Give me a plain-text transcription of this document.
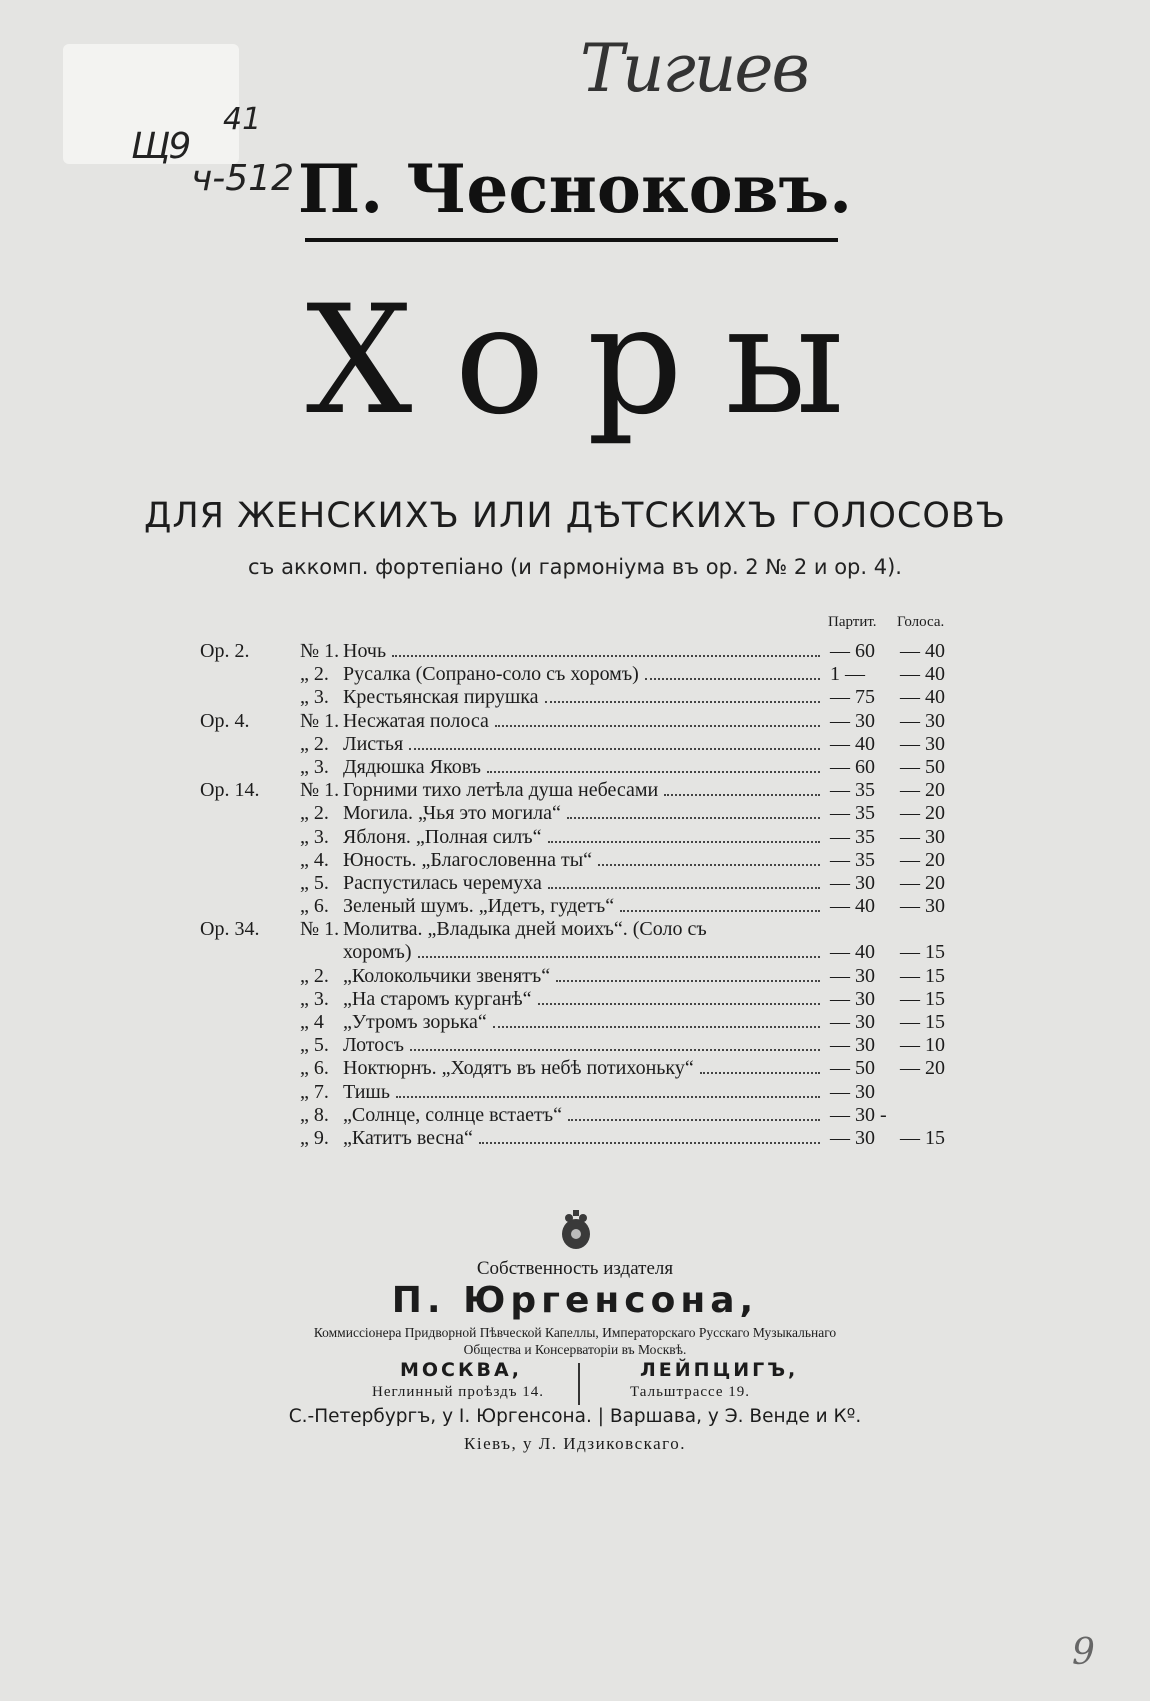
Щ9
41
ч-512
Тигиев
П. Чесноковъ.
Хоры
ДЛЯ ЖЕНСКИХЪ ИЛИ ДѢТСКИХЪ ГОЛОСОВЪ
съ аккомп. фортепіано (и гармоніума въ ор. 2 № 2 и ор. 4).
Партит. Голоса.
Ор. 2.	№ 1. Ночь	— 60 — 40
„ 2. Русалка (Сопрано-соло съ хоромъ)	1 — — 40
„ 3. Крестьянская пирушка	— 75 — 40
Ор. 4.	№ 1. Несжатая полоса	— 30 — 30
„ 2. Листья	— 40 — 30
„ 3. Дядюшка Яковъ	— 60 — 50
Ор. 14. № 1. Горними тихо летѣла душа небесами	— 35 — 20
„ 2. Могила. „Чья это могила“	— 35 — 20
„ 3. Яблоня. „Полная силъ“	— 35 — 30
„ 4. Юность. „Благословенна ты“	— 35 — 20
„ 5. Распустилась черемуха	— 30 — 20
„ 6. Зеленый шумъ. „Идетъ, гудетъ“	— 40 — 30
Ор. 34. № 1. Молитва. „Владыка дней моихъ“. (Соло съ
хоромъ)	— 40 — 15
„ 2. „Колокольчики звенятъ“	— 30 — 15
„ 3. „На старомъ курганѣ“	— 30 — 15
„ 4 „Утромъ зорька“	— 30 — 15
„ 5. Лотосъ	— 30 — 10
„ 6. Ноктюрнъ. „Ходятъ въ небѣ потихоньку“	— 50 — 20
„ 7. Тишь	— 30
„ 8. „Солнце, солнце встаетъ“	— 30 -
„ 9. „Катитъ весна“	— 30 — 15
Собственность издателя
П. Юргенсона,
Коммиссіонера Придворной Пѣвческой Капеллы, Императорскаго Русскаго Музыкальнаго
Общества и Консерваторіи въ Москвѣ.
МОСКВА,	ЛЕЙПЦИГЪ,
Неглинный проѣздъ 14.	Тальштрассе 19.
С.-Петербургъ, у I. Юргенсона. | Варшава, у Э. Венде и Кº.
Кіевъ, у Л. Идзиковскаго.
9
